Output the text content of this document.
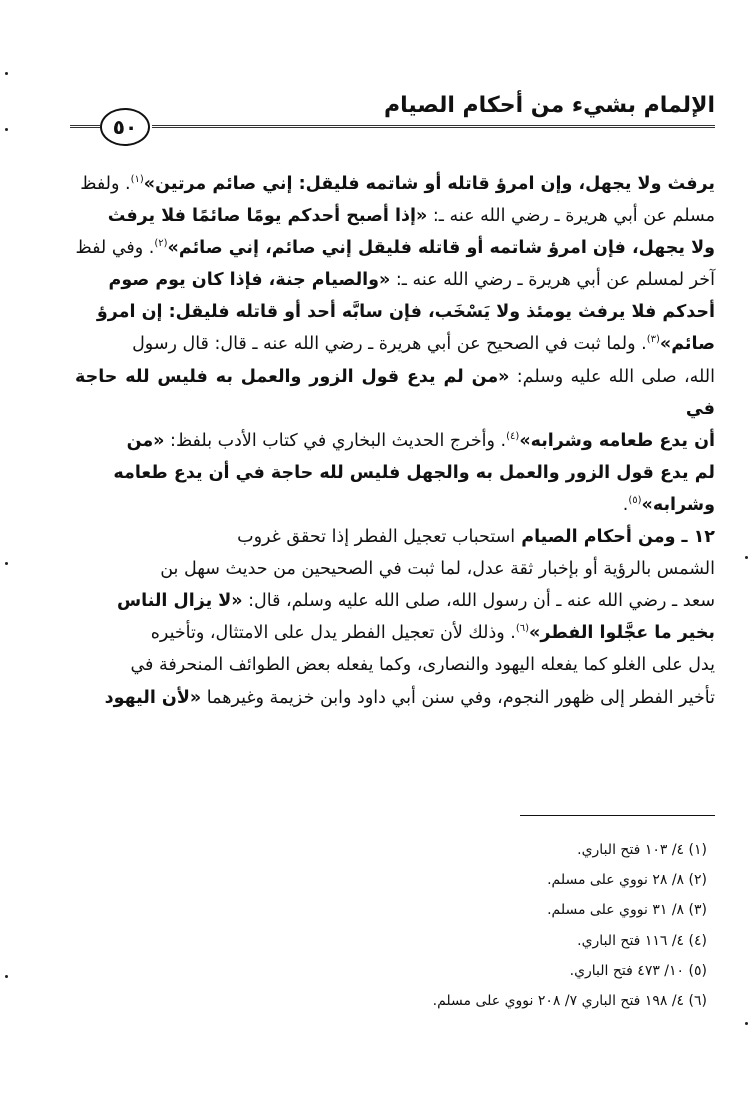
الإلمام بشيء من أحكام الصيام
٥٠

يرفث ولا يجهل، وإن امرؤ قاتله أو شاتمه فليقل: إني صائم مرتين»$^{(١)}$. ولفظ

مسلم عن أبي هريرة ـ رضي الله عنه ـ: «إذا أصبح أحدكم يومًا صائمًا فلا يرفث

ولا يجهل، فإن امرؤ شاتمه أو قاتله فليقل إني صائم، إني صائم»$^{(٢)}$. وفي لفظ

آخر لمسلم عن أبي هريرة ـ رضي الله عنه ـ: «والصيام جنة، فإذا كان يوم صوم

أحدكم فلا يرفث يومئذ ولا يَسْخَب، فإن سابَّه أحد أو قاتله فليقل: إن امرؤ

صائم»$^{(٣)}$. ولما ثبت في الصحيح عن أبي هريرة ـ رضي الله عنه ـ قال: قال رسول

الله، صلى الله عليه وسلم: «من لم يدع قول الزور والعمل به فليس لله حاجة في

أن يدع طعامه وشرابه»$^{(٤)}$. وأخرج الحديث البخاري في كتاب الأدب بلفظ: «من

لم يدع قول الزور والعمل به والجهل فليس لله حاجة في أن يدع طعامه

وشرابه»$^{(٥)}$.

١٢ ـ ومن أحكام الصيام استحباب تعجيل الفطر إذا تحقق غروب

الشمس بالرؤية أو بإخبار ثقة عدل، لما ثبت في الصحيحين من حديث سهل بن

سعد ـ رضي الله عنه ـ أن رسول الله، صلى الله عليه وسلم، قال: «لا يزال الناس

بخير ما عجَّلوا الفطر»$^{(٦)}$. وذلك لأن تعجيل الفطر يدل على الامتثال، وتأخيره

يدل على الغلو كما يفعله اليهود والنصارى، وكما يفعله بعض الطوائف المنحرفة في

تأخير الفطر إلى ظهور النجوم، وفي سنن أبي داود وابن خزيمة وغيرهما «لأن اليهود

(١) ٤/ ١٠٣ فتح الباري.
(٢) ٨/ ٢٨ نووي على مسلم.
(٣) ٨/ ٣١ نووي على مسلم.
(٤) ٤/ ١١٦ فتح الباري.
(٥) ١٠/ ٤٧٣ فتح الباري.
(٦) ٤/ ١٩٨ فتح الباري ٧/ ٢٠٨ نووي على مسلم.
